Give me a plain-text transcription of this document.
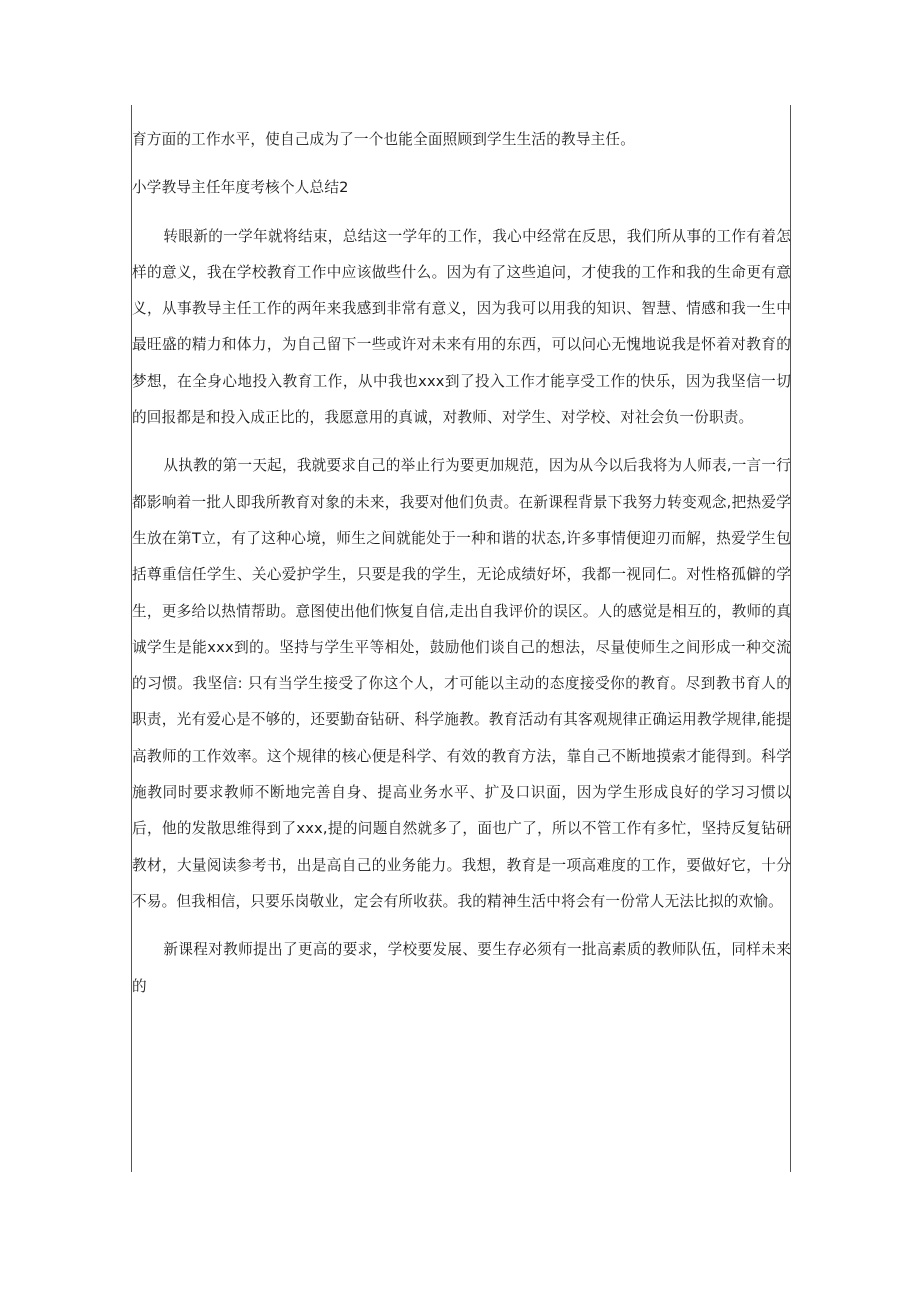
育方面的工作水平，使自己成为了一个也能全面照顾到学生生活的教导主任。

小学教导主任年度考核个人总结2

转眼新的一学年就将结束，总结这一学年的工作，我心中经常在反思，我们所从事的工作有着怎样的意义，我在学校教育工作中应该做些什么。因为有了这些追问，才使我的工作和我的生命更有意义，从事教导主任工作的两年来我感到非常有意义，因为我可以用我的知识、智慧、情感和我一生中最旺盛的精力和体力，为自己留下一些或许对未来有用的东西，可以问心无愧地说我是怀着对教育的梦想，在全身心地投入教育工作，从中我也xxx到了投入工作才能享受工作的快乐，因为我坚信一切的回报都是和投入成正比的，我愿意用的真诚，对教师、对学生、对学校、对社会负一份职责。

从执教的第一天起，我就要求自己的举止行为要更加规范，因为从今以后我将为人师表,一言一行都影响着一批人即我所教育对象的未来，我要对他们负责。在新课程背景下我努力转变观念,把热爱学生放在第T立，有了这种心境，师生之间就能处于一种和谐的状态,许多事情便迎刃而解，热爱学生包括尊重信任学生、关心爱护学生，只要是我的学生，无论成绩好坏，我都一视同仁。对性格孤僻的学生，更多给以热情帮助。意图使出他们恢复自信,走出自我评价的误区。人的感觉是相互的，教师的真诚学生是能xxx到的。坚持与学生平等相处，鼓励他们谈自己的想法，尽量使师生之间形成一种交流的习惯。我坚信: 只有当学生接受了你这个人，才可能以主动的态度接受你的教育。尽到教书育人的职责，光有爱心是不够的，还要勤奋钻研、科学施教。教育活动有其客观规律正确运用教学规律,能提高教师的工作效率。这个规律的核心便是科学、有效的教育方法，靠自己不断地摸索才能得到。科学施教同时要求教师不断地完善自身、提高业务水平、扩及口识面，因为学生形成良好的学习习惯以后，他的发散思维得到了xxx,提的问题自然就多了，面也广了，所以不管工作有多忙，坚持反复钻研教材，大量阅读参考书，出是高自己的业务能力。我想，教育是一项高难度的工作，要做好它，十分不易。但我相信，只要乐岗敬业，定会有所收获。我的精神生活中将会有一份常人无法比拟的欢愉。

新课程对教师提出了更高的要求，学校要发展、要生存必须有一批高素质的教师队伍，同样未来的
